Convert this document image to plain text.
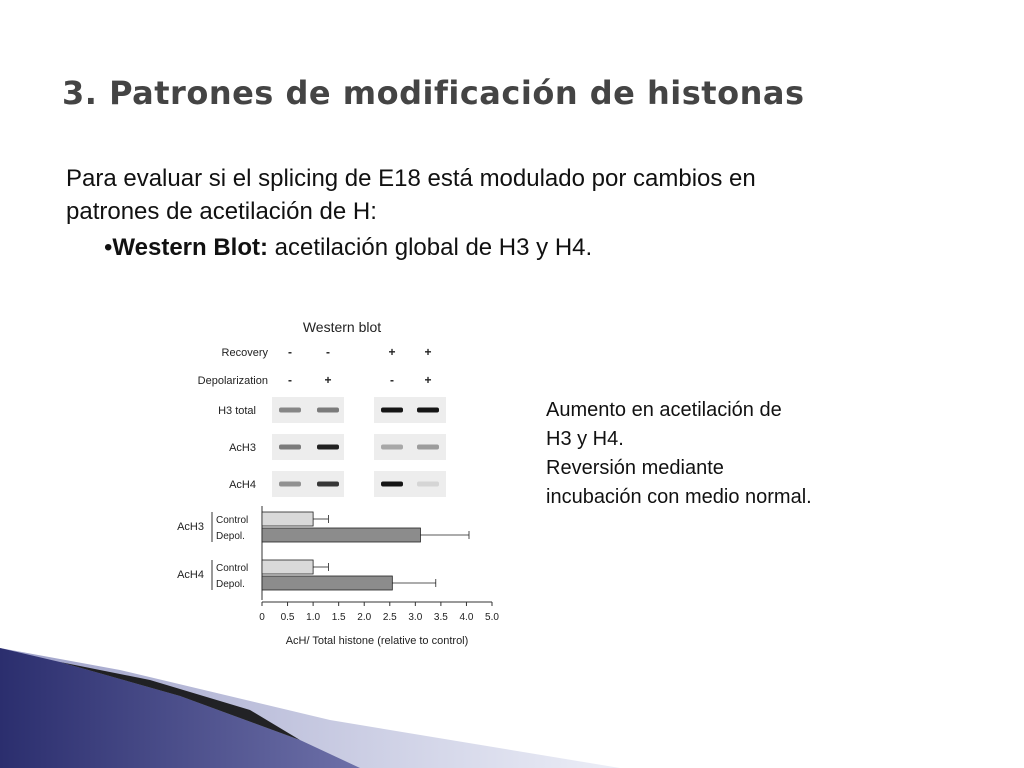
3. Patrones de modificación de histonas
Para evaluar si el splicing de E18 está modulado por cambios en
patrones de acetilación de H:
•Western Blot: acetilación global de H3 y H4.
Western blot
Recovery -	-	+ +
Depolarization -	+	-	+
H3 total
AcH3
AcH4
AcH3
Control
Depol.
AcH4
Control
Depol.
0 0.5 1.0 1.5 2.0 2.5 3.0 3.5 4.0 5.0
AcH/ Total histone (relative to control)
Aumento en acetilación de
H3 y H4.
Reversión mediante
incubación con medio normal.
